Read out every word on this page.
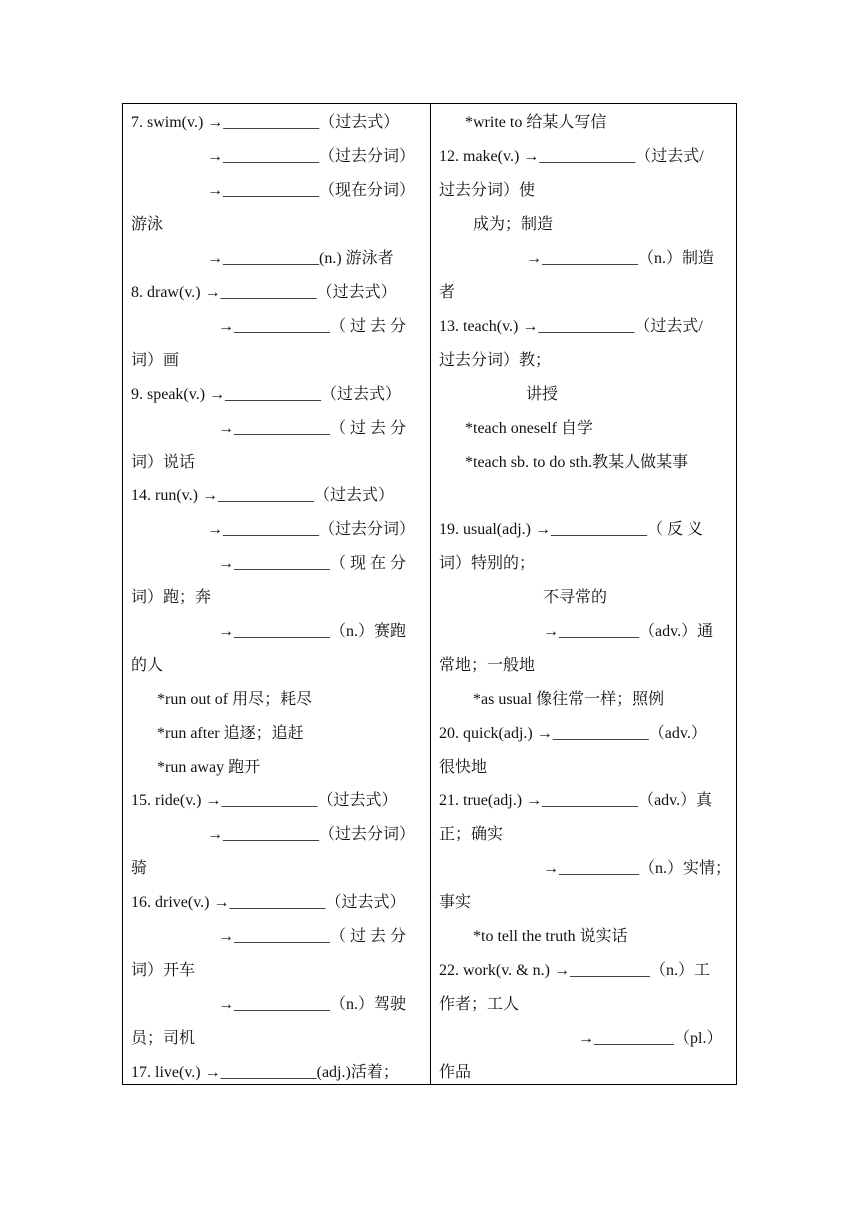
7. swim(v.) →____________（过去式）
→____________（过去分词）
→____________（现在分词）
游泳
→____________(n.) 游泳者
8. draw(v.) →____________（过去式）
→____________（ 过 去 分
词）画
9. speak(v.) →____________（过去式）
→____________（ 过 去 分
词）说话
14. run(v.) →____________（过去式）
→____________（过去分词）
→____________（ 现 在 分
词）跑；奔
→____________（n.）赛跑
的人
*run out of 用尽；耗尽
*run after 追逐；追赶
*run away 跑开
15. ride(v.) →____________（过去式）
→____________（过去分词）
骑
16. drive(v.) →____________（过去式）
→____________（ 过 去 分
词）开车
→____________（n.）驾驶
员；司机
17. live(v.) →____________(adj.)活着；
*write to 给某人写信
12. make(v.) →____________（过去式/
过去分词）使
成为；制造
→____________（n.）制造
者
13. teach(v.) →____________（过去式/
过去分词）教；
讲授
*teach oneself 自学
*teach sb. to do sth.教某人做某事
19. usual(adj.) →____________（ 反 义
词）特别的；
不寻常的
→__________（adv.）通
常地；一般地
*as usual 像往常一样；照例
20. quick(adj.) →____________（adv.）
很快地
21. true(adj.) →____________（adv.）真
正；确实
→__________（n.）实情；
事实
*to tell the truth 说实话
22. work(v. & n.) →__________（n.）工
作者；工人
→__________（pl.）
作品
